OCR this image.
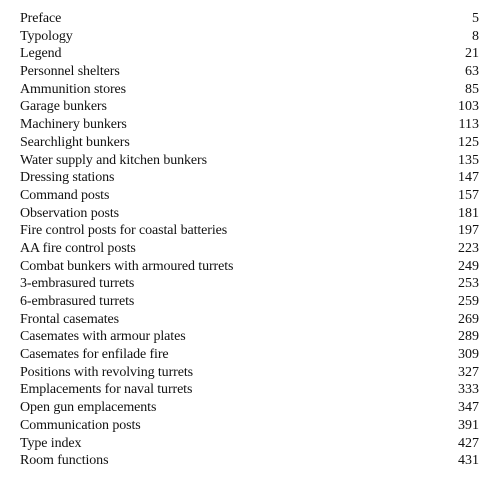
Preface	5
Typology	8
Legend	21
Personnel shelters	63
Ammunition stores	85
Garage bunkers	103
Machinery bunkers	113
Searchlight bunkers	125
Water supply and kitchen bunkers	135
Dressing stations	147
Command posts	157
Observation posts	181
Fire control posts for coastal batteries	197
AA fire control posts	223
Combat bunkers with armoured turrets	249
3-embrasured turrets	253
6-embrasured turrets	259
Frontal casemates	269
Casemates with armour plates	289
Casemates for enfilade fire	309
Positions with revolving turrets	327
Emplacements for naval turrets	333
Open gun emplacements	347
Communication posts	391
Type index	427
Room functions	431
